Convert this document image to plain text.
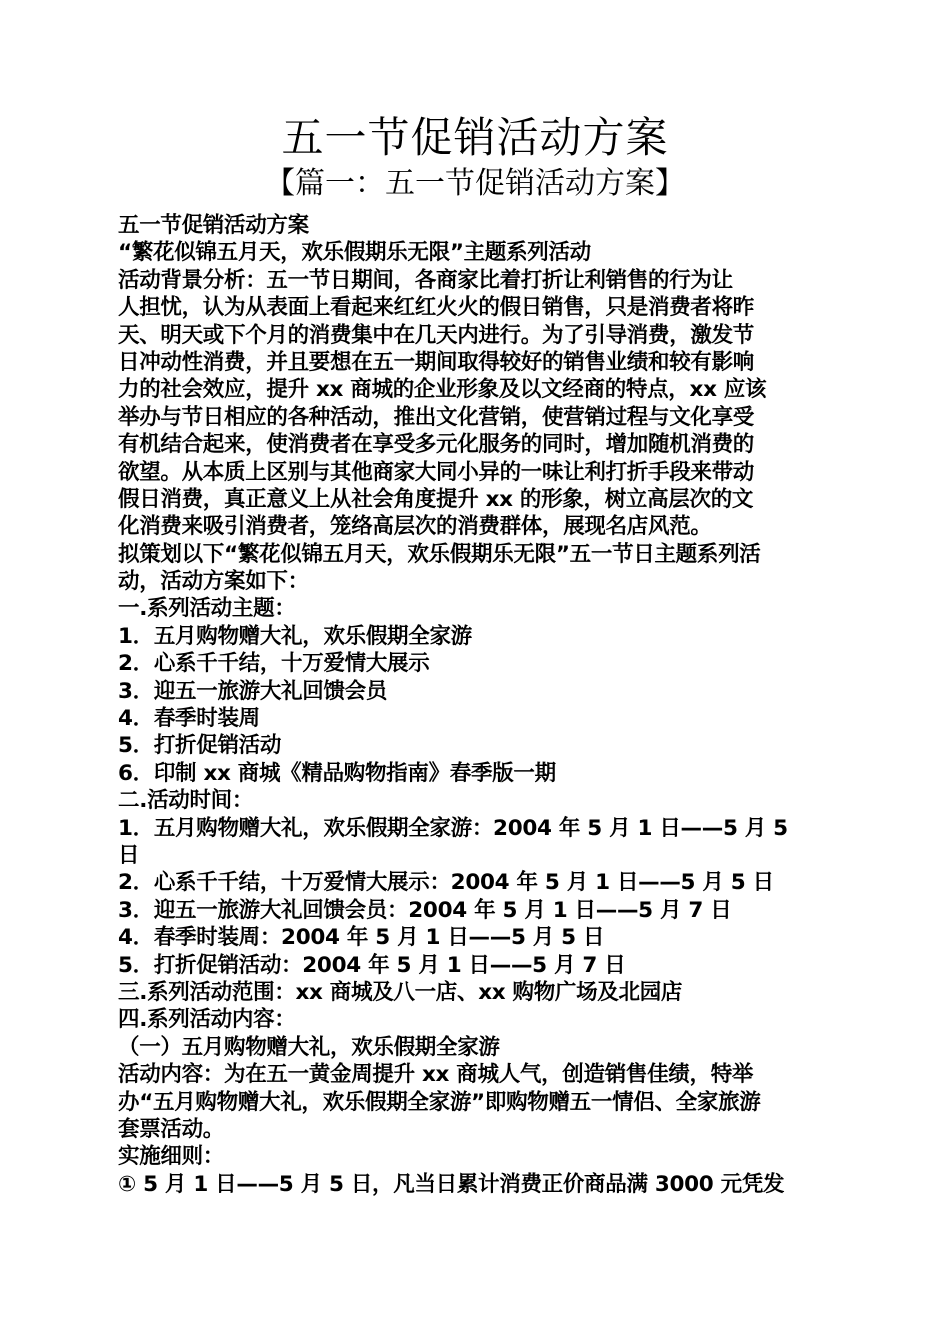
五一节促销活动方案
【篇一：五一节促销活动方案】
五一节促销活动方案
“繁花似锦五月天，欢乐假期乐无限”主题系列活动
活动背景分析：五一节日期间，各商家比着打折让利销售的行为让
人担忧，认为从表面上看起来红红火火的假日销售，只是消费者将昨
天、明天或下个月的消费集中在几天内进行。为了引导消费，激发节
日冲动性消费，并且要想在五一期间取得较好的销售业绩和较有影响
力的社会效应，提升 xx 商城的企业形象及以文经商的特点，xx 应该
举办与节日相应的各种活动，推出文化营销，使营销过程与文化享受
有机结合起来，使消费者在享受多元化服务的同时，增加随机消费的
欲望。从本质上区别与其他商家大同小异的一味让利打折手段来带动
假日消费，真正意义上从社会角度提升 xx 的形象，树立高层次的文
化消费来吸引消费者，笼络高层次的消费群体，展现名店风范。
拟策划以下“繁花似锦五月天，欢乐假期乐无限”五一节日主题系列活
动，活动方案如下：
一.系列活动主题：
1．五月购物赠大礼，欢乐假期全家游
2．心系千千结，十万爱情大展示
3．迎五一旅游大礼回馈会员
4．春季时装周
5．打折促销活动
6．印制 xx 商城《精品购物指南》春季版一期
二.活动时间：
1．五月购物赠大礼，欢乐假期全家游：2004 年 5 月 1 日——5 月 5
日
2．心系千千结，十万爱情大展示：2004 年 5 月 1 日——5 月 5 日
3．迎五一旅游大礼回馈会员：2004 年 5 月 1 日——5 月 7 日
4．春季时装周：2004 年 5 月 1 日——5 月 5 日
5．打折促销活动：2004 年 5 月 1 日——5 月 7 日
三.系列活动范围：xx 商城及八一店、xx 购物广场及北园店
四.系列活动内容：
（一）五月购物赠大礼，欢乐假期全家游
活动内容：为在五一黄金周提升 xx 商城人气，创造销售佳绩，特举
办“五月购物赠大礼，欢乐假期全家游”即购物赠五一情侣、全家旅游
套票活动。
实施细则：
① 5 月 1 日——5 月 5 日，凡当日累计消费正价商品满 3000 元凭发
